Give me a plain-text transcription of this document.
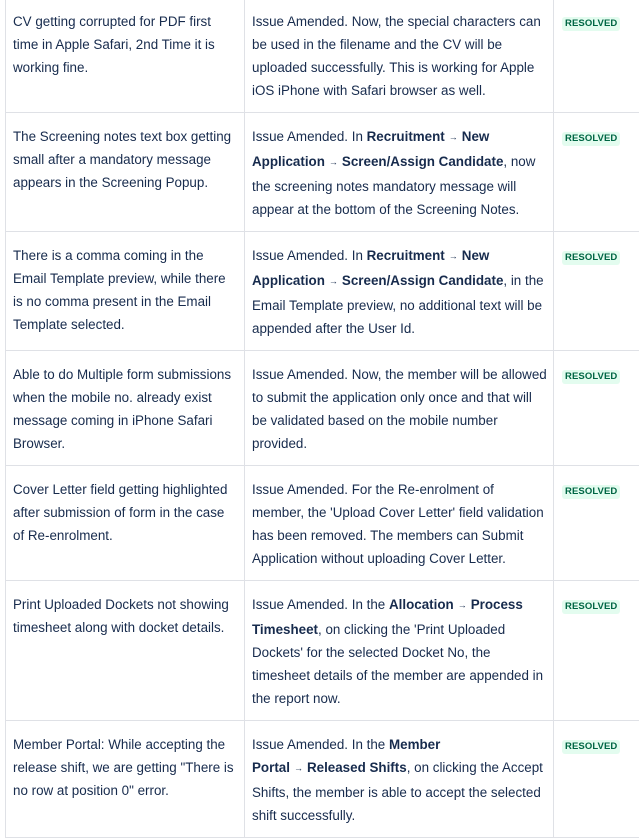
CV getting corrupted for PDF first time in Apple Safari, 2nd Time it is working fine.	Issue Amended. Now, the special characters can be used in the filename and the CV will be uploaded successfully. This is working for Apple iOS iPhone with Safari browser as well.	RESOLVED
The Screening notes text box getting small after a mandatory message appears in the Screening Popup.	Issue Amended. In Recruitment → New Application → Screen/Assign Candidate, now the screening notes mandatory message will appear at the bottom of the Screening Notes.	RESOLVED
There is a comma coming in the Email Template preview, while there is no comma present in the Email Template selected.	Issue Amended. In Recruitment → New Application → Screen/Assign Candidate, in the Email Template preview, no additional text will be appended after the User Id.	RESOLVED
Able to do Multiple form submissions when the mobile no. already exist message coming in iPhone Safari Browser.	Issue Amended. Now, the member will be allowed to submit the application only once and that will be validated based on the mobile number provided.	RESOLVED
Cover Letter field getting highlighted after submission of form in the case of Re-enrolment.	Issue Amended. For the Re-enrolment of member, the 'Upload Cover Letter' field validation has been removed. The members can Submit Application without uploading Cover Letter.	RESOLVED
Print Uploaded Dockets not showing timesheet along with docket details.	Issue Amended. In the Allocation → Process Timesheet, on clicking the 'Print Uploaded Dockets' for the selected Docket No, the timesheet details of the member are appended in the report now.	RESOLVED
Member Portal: While accepting the release shift, we are getting "There is no row at position 0" error.	Issue Amended. In the Member Portal → Released Shifts, on clicking the Accept Shifts, the member is able to accept the selected shift successfully.	RESOLVED
